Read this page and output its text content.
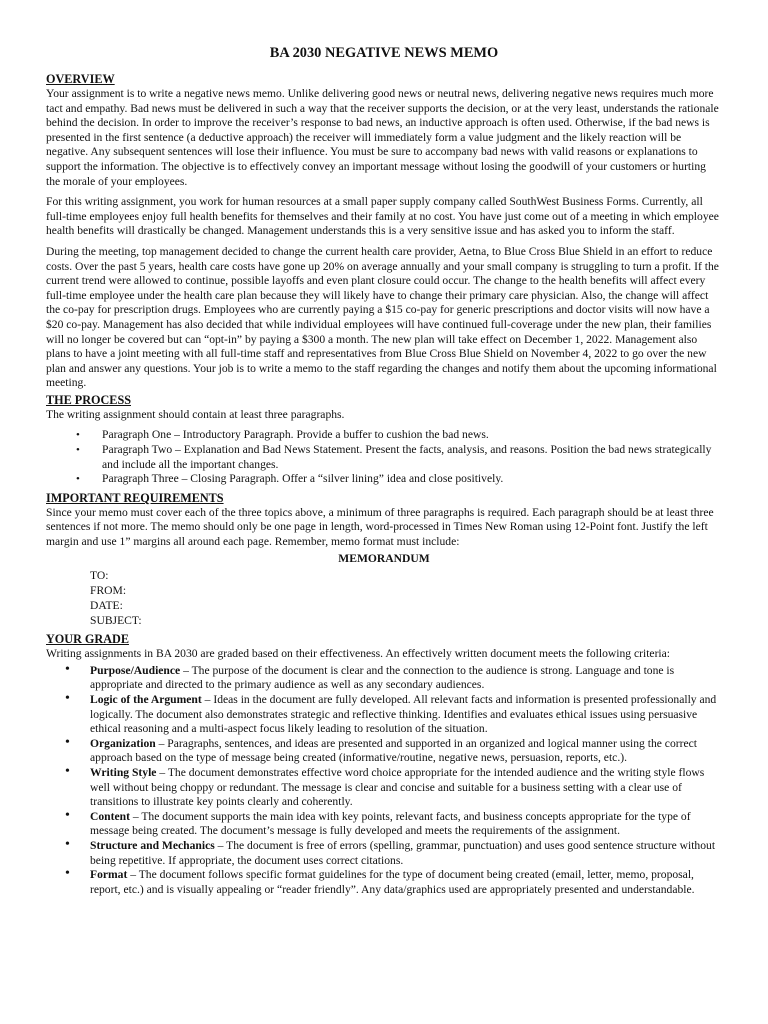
BA 2030 NEGATIVE NEWS MEMO
OVERVIEW

Your assignment is to write a negative news memo. Unlike delivering good news or neutral news, delivering negative news requires much more tact and empathy. Bad news must be delivered in such a way that the receiver supports the decision, or at the very least, understands the rationale behind the decision. In order to improve the receiver’s response to bad news, an inductive approach is often used. Otherwise, if the bad news is presented in the first sentence (a deductive approach) the receiver will immediately form a value judgment and the likely reaction will be negative. Any subsequent sentences will lose their influence. You must be sure to accompany bad news with valid reasons or explanations to support the information. The objective is to effectively convey an important message without losing the goodwill of your customers or hurting the morale of your employees.

For this writing assignment, you work for human resources at a small paper supply company called SouthWest Business Forms. Currently, all full-time employees enjoy full health benefits for themselves and their family at no cost. You have just come out of a meeting in which employee health benefits will drastically be changed. Management understands this is a very sensitive issue and has asked you to inform the staff.

During the meeting, top management decided to change the current health care provider, Aetna, to Blue Cross Blue Shield in an effort to reduce costs. Over the past 5 years, health care costs have gone up 20% on average annually and your small company is struggling to turn a profit. If the current trend were allowed to continue, possible layoffs and even plant closure could occur. The change to the health benefits will affect every full-time employee under the health care plan because they will likely have to change their primary care physician. Also, the change will affect the co-pay for prescription drugs. Employees who are currently paying a $15 co-pay for generic prescriptions and doctor visits will now have a $20 co-pay. Management has also decided that while individual employees will have continued full-coverage under the new plan, their families will no longer be covered but can “opt-in” by paying a $300 a month. The new plan will take effect on December 1, 2022. Management also plans to have a joint meeting with all full-time staff and representatives from Blue Cross Blue Shield on November 4, 2022 to go over the new plan and answer any questions. Your job is to write a memo to the staff regarding the changes and notify them about the upcoming informational meeting.

THE PROCESS

The writing assignment should contain at least three paragraphs.

• Paragraph One – Introductory Paragraph. Provide a buffer to cushion the bad news.
• Paragraph Two – Explanation and Bad News Statement. Present the facts, analysis, and reasons. Position the bad news strategically and include all the important changes.
• Paragraph Three – Closing Paragraph. Offer a “silver lining” idea and close positively.
IMPORTANT REQUIREMENTS

Since your memo must cover each of the three topics above, a minimum of three paragraphs is required. Each paragraph should be at least three sentences if not more. The memo should only be one page in length, word-processed in Times New Roman using 12-Point font. Justify the left margin and use 1” margins all around each page. Remember, memo format must include:

MEMORANDUM
TO:
FROM:
DATE:
SUBJECT:
YOUR GRADE

Writing assignments in BA 2030 are graded based on their effectiveness. An effectively written document meets the following criteria:

• Purpose/Audience – The purpose of the document is clear and the connection to the audience is strong. Language and tone is appropriate and directed to the primary audience as well as any secondary audiences.
• Logic of the Argument – Ideas in the document are fully developed. All relevant facts and information is presented professionally and logically. The document also demonstrates strategic and reflective thinking. Identifies and evaluates ethical issues using persuasive ethical reasoning and a multi-aspect focus likely leading to resolution of the situation.
• Organization – Paragraphs, sentences, and ideas are presented and supported in an organized and logical manner using the correct approach based on the type of message being created (informative/routine, negative news, persuasion, reports, etc.).
• Writing Style – The document demonstrates effective word choice appropriate for the intended audience and the writing style flows well without being choppy or redundant. The message is clear and concise and suitable for a business setting with a clear use of transitions to illustrate key points clearly and coherently.
• Content – The document supports the main idea with key points, relevant facts, and business concepts appropriate for the type of message being created. The document’s message is fully developed and meets the requirements of the assignment.
• Structure and Mechanics – The document is free of errors (spelling, grammar, punctuation) and uses good sentence structure without being repetitive. If appropriate, the document uses correct citations.
• Format – The document follows specific format guidelines for the type of document being created (email, letter, memo, proposal, report, etc.) and is visually appealing or “reader friendly”. Any data/graphics used are appropriately presented and understandable.
